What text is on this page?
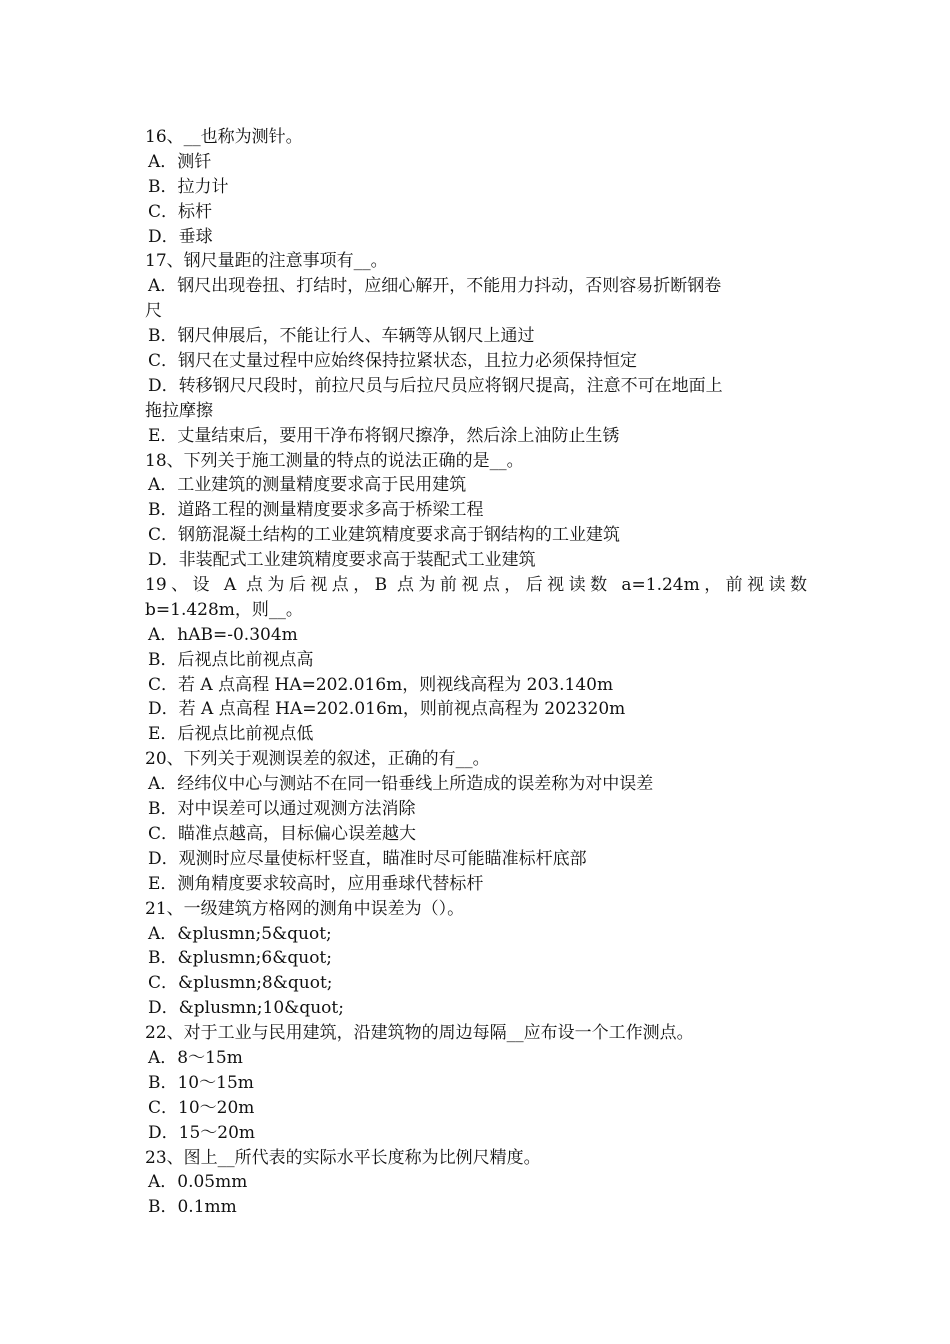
16、__也称为测针。
A．测钎
B．拉力计
C．标杆
D．垂球
17、钢尺量距的注意事项有__。
A．钢尺出现卷扭、打结时，应细心解开，不能用力抖动，否则容易折断钢卷
尺
B．钢尺伸展后，不能让行人、车辆等从钢尺上通过
C．钢尺在丈量过程中应始终保持拉紧状态，且拉力必须保持恒定
D．转移钢尺尺段时，前拉尺员与后拉尺员应将钢尺提高，注意不可在地面上
拖拉摩擦
E．丈量结束后，要用干净布将钢尺擦净，然后涂上油防止生锈
18、下列关于施工测量的特点的说法正确的是__。
A．工业建筑的测量精度要求高于民用建筑
B．道路工程的测量精度要求多高于桥梁工程
C．钢筋混凝土结构的工业建筑精度要求高于钢结构的工业建筑
D．非装配式工业建筑精度要求高于装配式工业建筑
19、设 A 点为后视点，B 点为前视点，后视读数 a=1.24m，前视读数
b=1.428m，则__。
A．hAB=-0.304m
B．后视点比前视点高
C．若 A 点高程 HA=202.016m，则视线高程为 203.140m
D．若 A 点高程 HA=202.016m，则前视点高程为 202320m
E．后视点比前视点低
20、下列关于观测误差的叙述，正确的有__。
A．经纬仪中心与测站不在同一铅垂线上所造成的误差称为对中误差
B．对中误差可以通过观测方法消除
C．瞄准点越高，目标偏心误差越大
D．观测时应尽量使标杆竖直，瞄准时尽可能瞄准标杆底部
E．测角精度要求较高时，应用垂球代替标杆
21、一级建筑方格网的测角中误差为（）。
A．&plusmn;5&quot;
B．&plusmn;6&quot;
C．&plusmn;8&quot;
D．&plusmn;10&quot;
22、对于工业与民用建筑，沿建筑物的周边每隔__应布设一个工作测点。
A．8～15m
B．10～15m
C．10～20m
D．15～20m
23、图上__所代表的实际水平长度称为比例尺精度。
A．0.05mm
B．0.1mm
